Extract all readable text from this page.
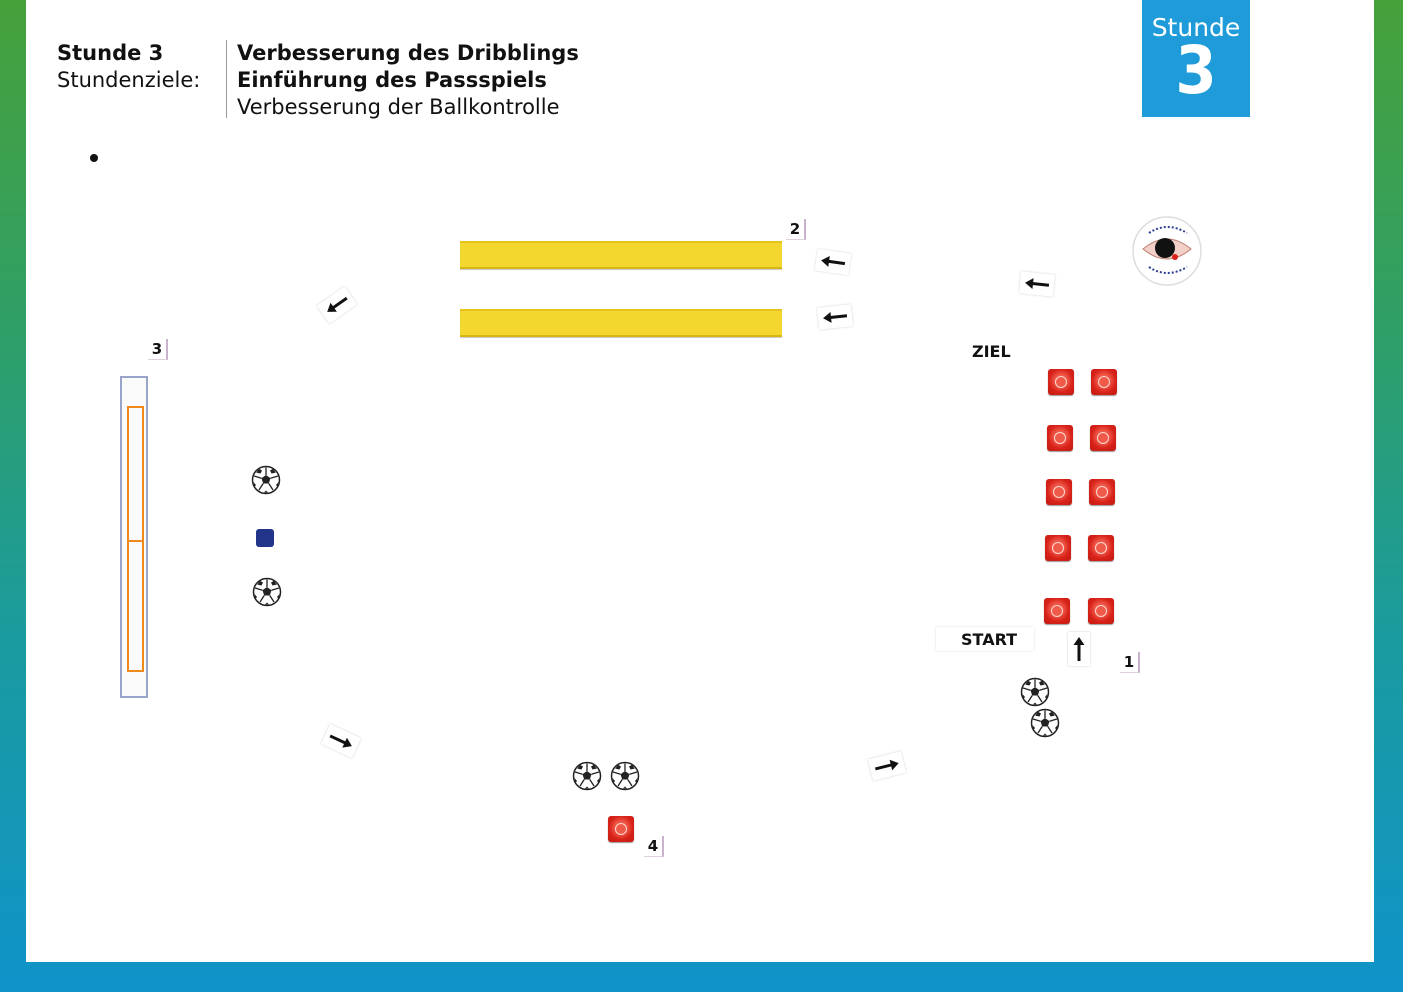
Stunde 3
Stundenziele:
Verbesserung des Dribblings
Einführung des Passspiels
Verbesserung der Ballkontrolle
Stunde
3
2
3
4
1
ZIEL
START
